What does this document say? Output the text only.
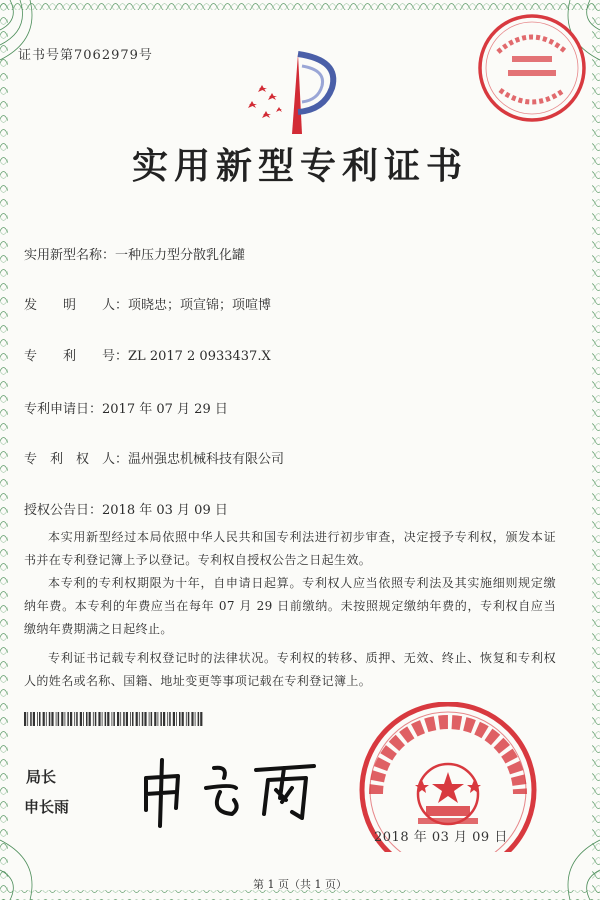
证书号第7062979号
实用新型专利证书
实用新型名称：一种压力型分散乳化罐
发　　明　　人：项晓忠；项宣锦；项喧博
专　　利　　号：ZL 2017 2 0933437.X
专利申请日：2017 年 07 月 29 日
专　利　权　人：温州强忠机械科技有限公司
授权公告日：2018 年 03 月 09 日

本实用新型经过本局依照中华人民共和国专利法进行初步审查，决定授予专利权，颁发本证书并在专利登记簿上予以登记。专利权自授权公告之日起生效。

本专利的专利权期限为十年，自申请日起算。专利权人应当依照专利法及其实施细则规定缴纳年费。本专利的年费应当在每年 07 月 29 日前缴纳。未按照规定缴纳年费的，专利权自应当缴纳年费期满之日起终止。

专利证书记载专利权登记时的法律状况。专利权的转移、质押、无效、终止、恢复和专利权人的姓名或名称、国籍、地址变更等事项记载在专利登记簿上。

局长
申长雨
2018 年 03 月 09 日
第 1 页（共 1 页）
